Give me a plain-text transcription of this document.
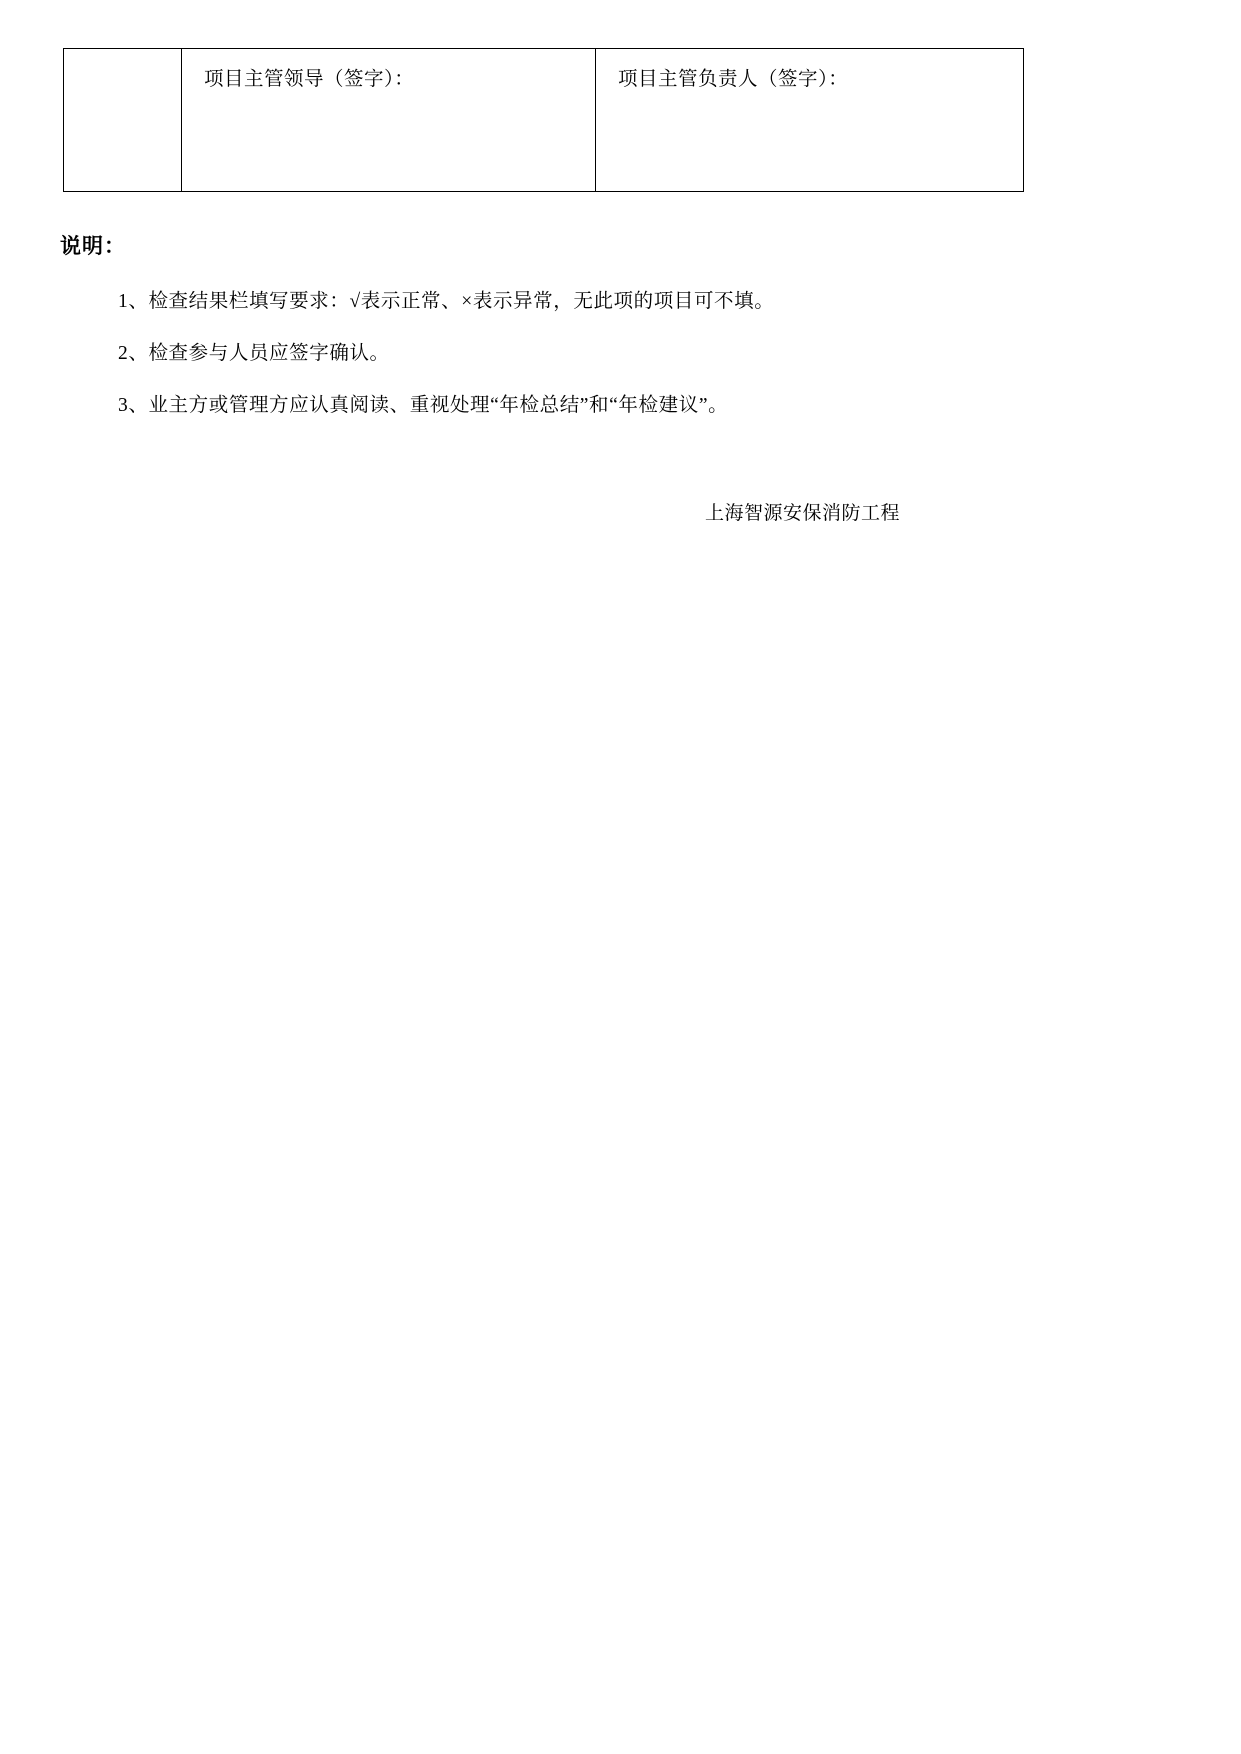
项目主管领导（签字）：	项目主管负责人（签字）：
说明：
1、检查结果栏填写要求：√表示正常、×表示异常，无此项的项目可不填。
2、检查参与人员应签字确认。
3、业主方或管理方应认真阅读、重视处理“年检总结”和“年检建议”。
上海智源安保消防工程
